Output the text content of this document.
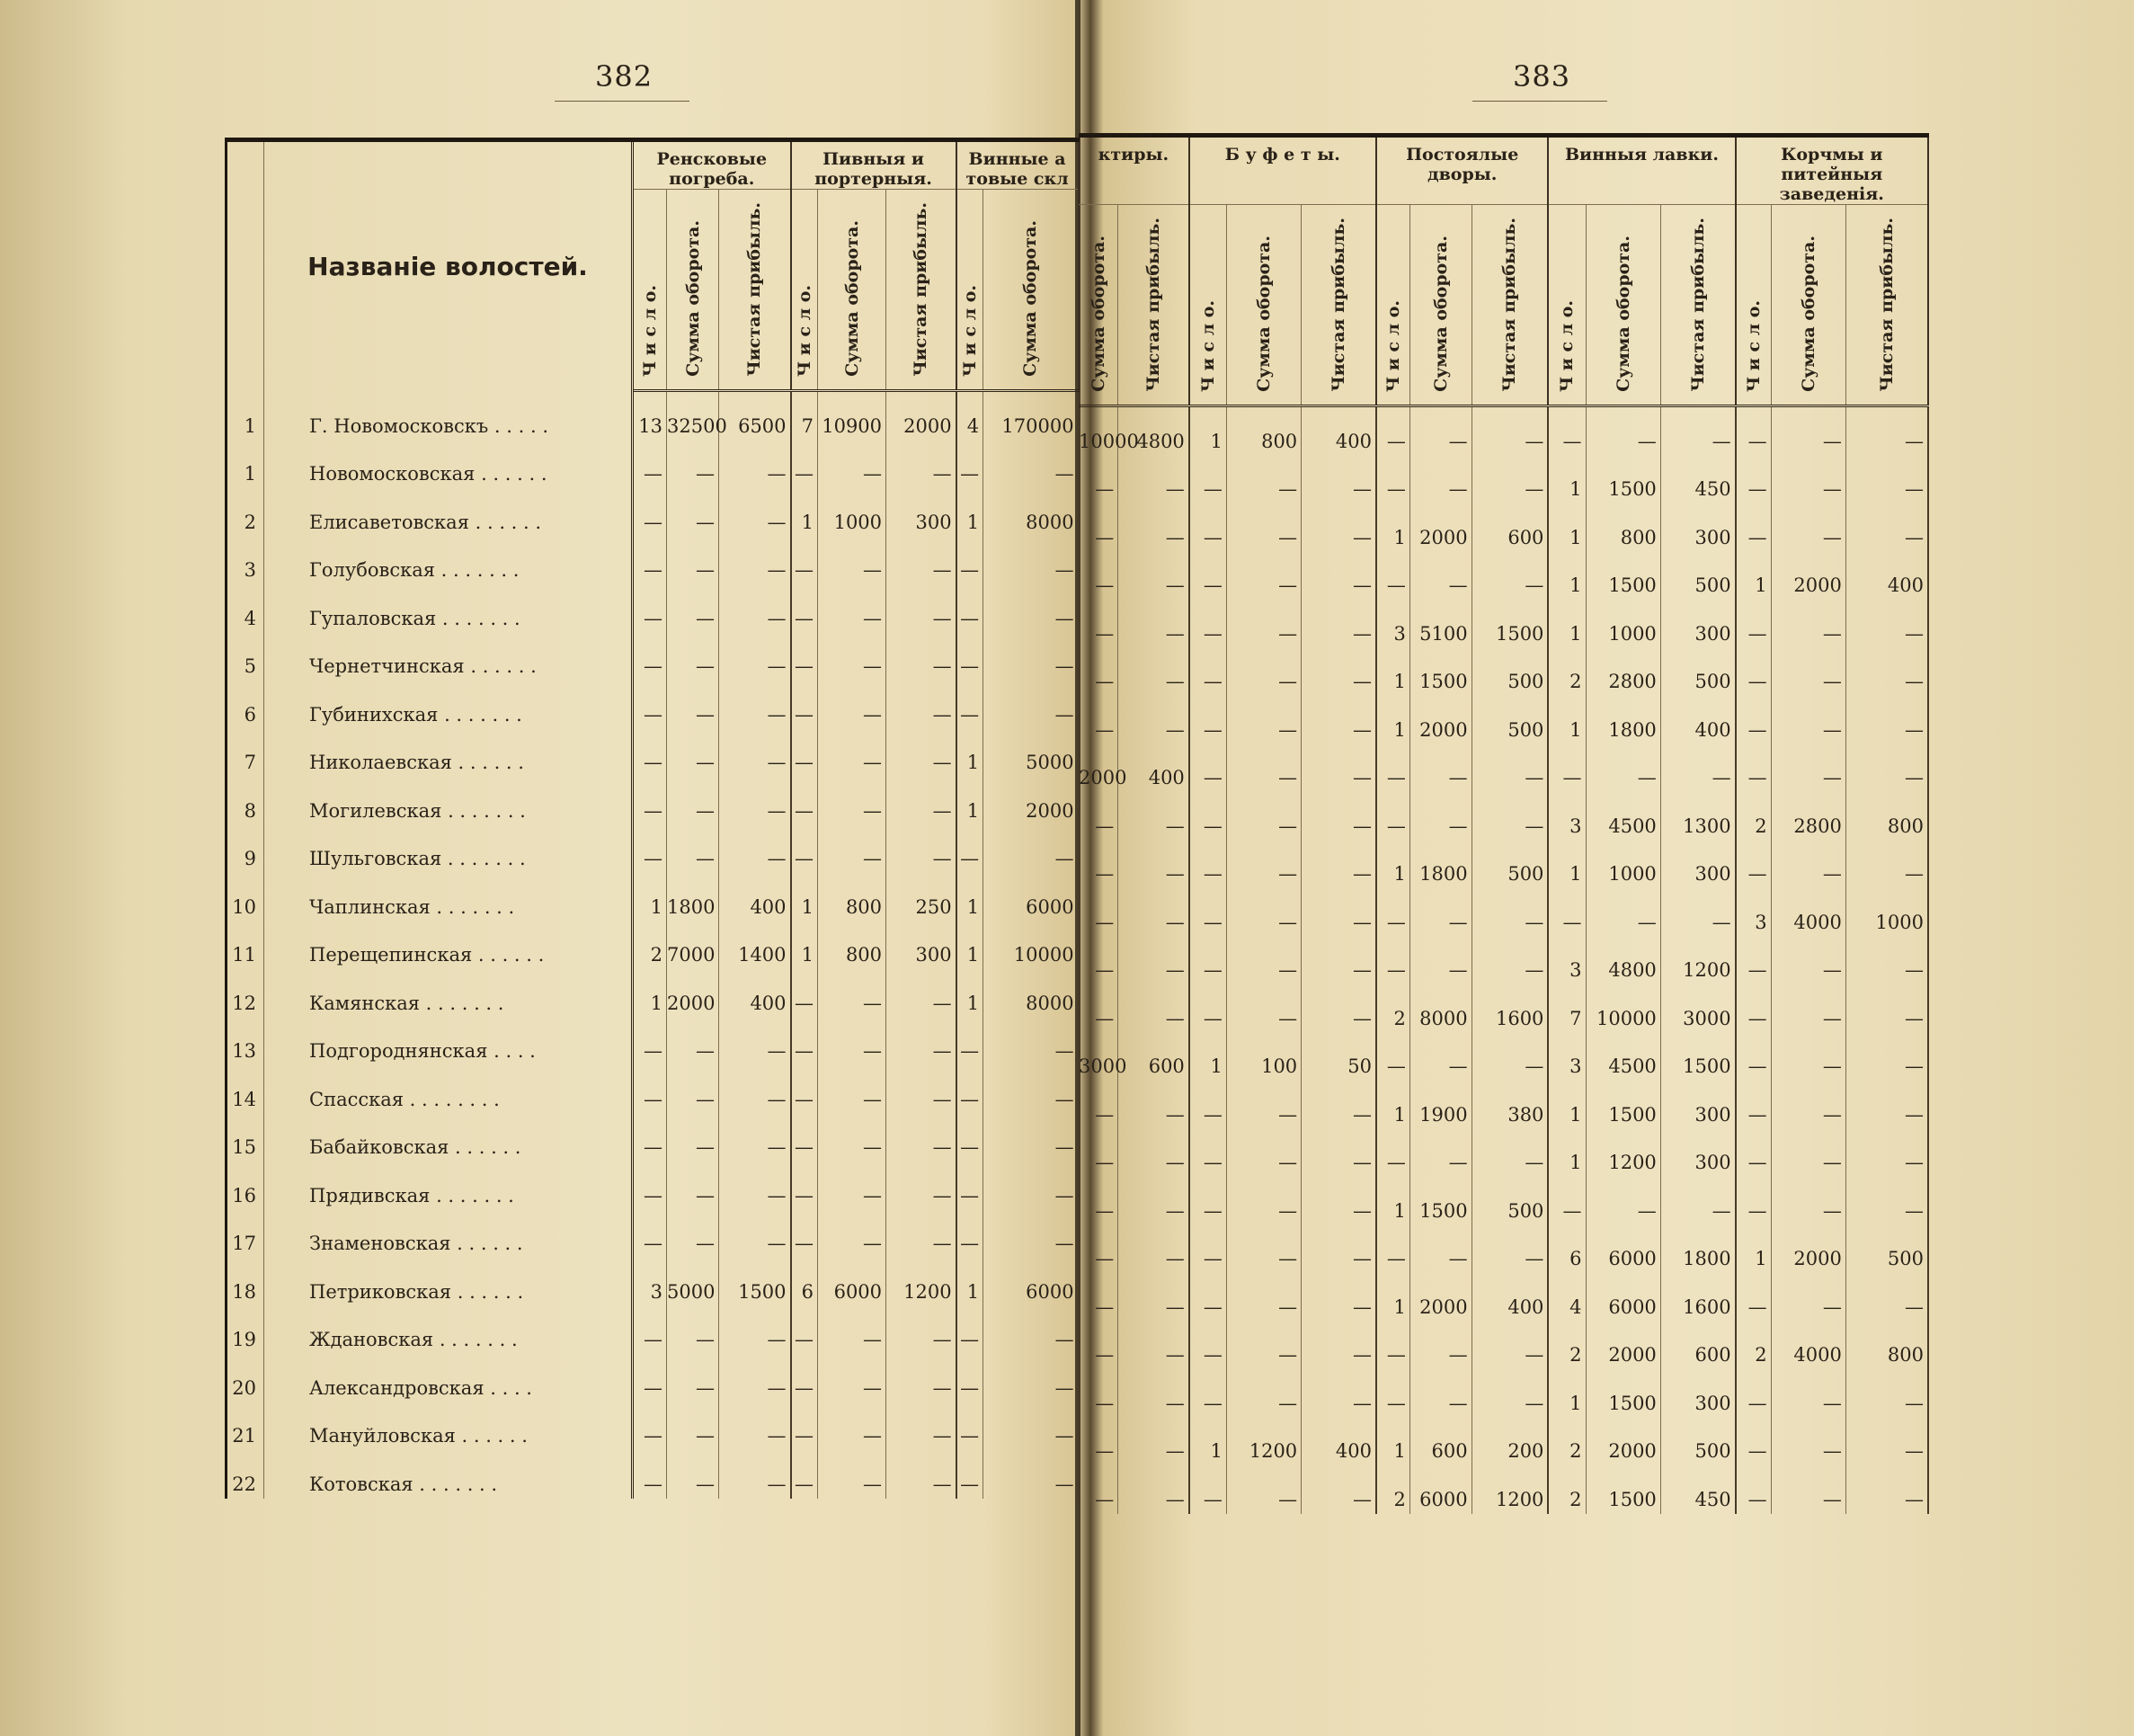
382	383
	Названіе волостей.	Ренсковые погреба.			Пивныя и портерныя.			Винные а товые скл	

		Ч и с л о.	Сумма оборота.	Чистая прибыль.	Ч и с л о.	Сумма оборота.	Чистая прибыль.	Ч и с л о.	Сумма оборота.

1	Г. Новомосковскъ . . . . .	13	32500	6500	7	10900	2000	4	170000
1	Новомосковская . . . . . .	—	—	—	—	—	—	—	—
2	Елисаветовская . . . . . .	—	—	—	1	1000	300	1	8000
3	Голубовская . . . . . . .	—	—	—	—	—	—	—	—
4	Гупаловская . . . . . . .	—	—	—	—	—	—	—	—
5	Чернетчинская . . . . . .	—	—	—	—	—	—	—	—
6	Губинихская . . . . . . .	—	—	—	—	—	—	—	—
7	Николаевская . . . . . .	—	—	—	—	—	—	1	5000
8	Могилевская . . . . . . .	—	—	—	—	—	—	1	2000
9	Шульговская . . . . . . .	—	—	—	—	—	—	—	—
10	Чаплинская . . . . . . .	1	1800	400	1	800	250	1	6000
11	Перещепинская . . . . . .	2	7000	1400	1	800	300	1	10000
12	Камянская . . . . . . .	1	2000	400	—	—	—	1	8000
13	Подгороднянская . . . .	—	—	—	—	—	—	—	—
14	Спасская . . . . . . . .	—	—	—	—	—	—	—	—
15	Бабайковская . . . . . .	—	—	—	—	—	—	—	—
16	Прядивская . . . . . . .	—	—	—	—	—	—	—	—
17	Знаменовская . . . . . .	—	—	—	—	—	—	—	—
18	Петриковская . . . . . .	3	5000	1500	6	6000	1200	1	6000
19	Ждановская . . . . . . .	—	—	—	—	—	—	—	—
20	Александровская . . . .	—	—	—	—	—	—	—	—
21	Мануйловская . . . . . .	—	—	—	—	—	—	—	—
22	Котовская . . . . . . .	—	—	—	—	—	—	—	—
ктиры.		Б у ф е т ы.			Постоялые дворы.			Винныя лавки.			Корчмы и питейныя заведенія.		

Сумма оборота.	Чистая прибыль.	Ч и с л о.	Сумма оборота.	Чистая прибыль.	Ч и с л о.	Сумма оборота.	Чистая прибыль.	Ч и с л о.	Сумма оборота.	Чистая прибыль.	Ч и с л о.	Сумма оборота.	Чистая прибыль.

10000	4800	1	800	400	—	—	—	—	—	—	—	—	—
—	—	—	—	—	—	—	—	1	1500	450	—	—	—
—	—	—	—	—	1	2000	600	1	800	300	—	—	—
—	—	—	—	—	—	—	—	1	1500	500	1	2000	400
—	—	—	—	—	3	5100	1500	1	1000	300	—	—	—
—	—	—	—	—	1	1500	500	2	2800	500	—	—	—
—	—	—	—	—	1	2000	500	1	1800	400	—	—	—
2000	400	—	—	—	—	—	—	—	—	—	—	—	—
—	—	—	—	—	—	—	—	3	4500	1300	2	2800	800
—	—	—	—	—	1	1800	500	1	1000	300	—	—	—
—	—	—	—	—	—	—	—	—	—	—	3	4000	1000
—	—	—	—	—	—	—	—	3	4800	1200	—	—	—
—	—	—	—	—	2	8000	1600	7	10000	3000	—	—	—
3000	600	1	100	50	—	—	—	3	4500	1500	—	—	—
—	—	—	—	—	1	1900	380	1	1500	300	—	—	—
—	—	—	—	—	—	—	—	1	1200	300	—	—	—
—	—	—	—	—	1	1500	500	—	—	—	—	—	—
—	—	—	—	—	—	—	—	6	6000	1800	1	2000	500
—	—	—	—	—	1	2000	400	4	6000	1600	—	—	—
—	—	—	—	—	—	—	—	2	2000	600	2	4000	800
—	—	—	—	—	—	—	—	1	1500	300	—	—	—
—	—	1	1200	400	1	600	200	2	2000	500	—	—	—
—	—	—	—	—	2	6000	1200	2	1500	450	—	—	—
